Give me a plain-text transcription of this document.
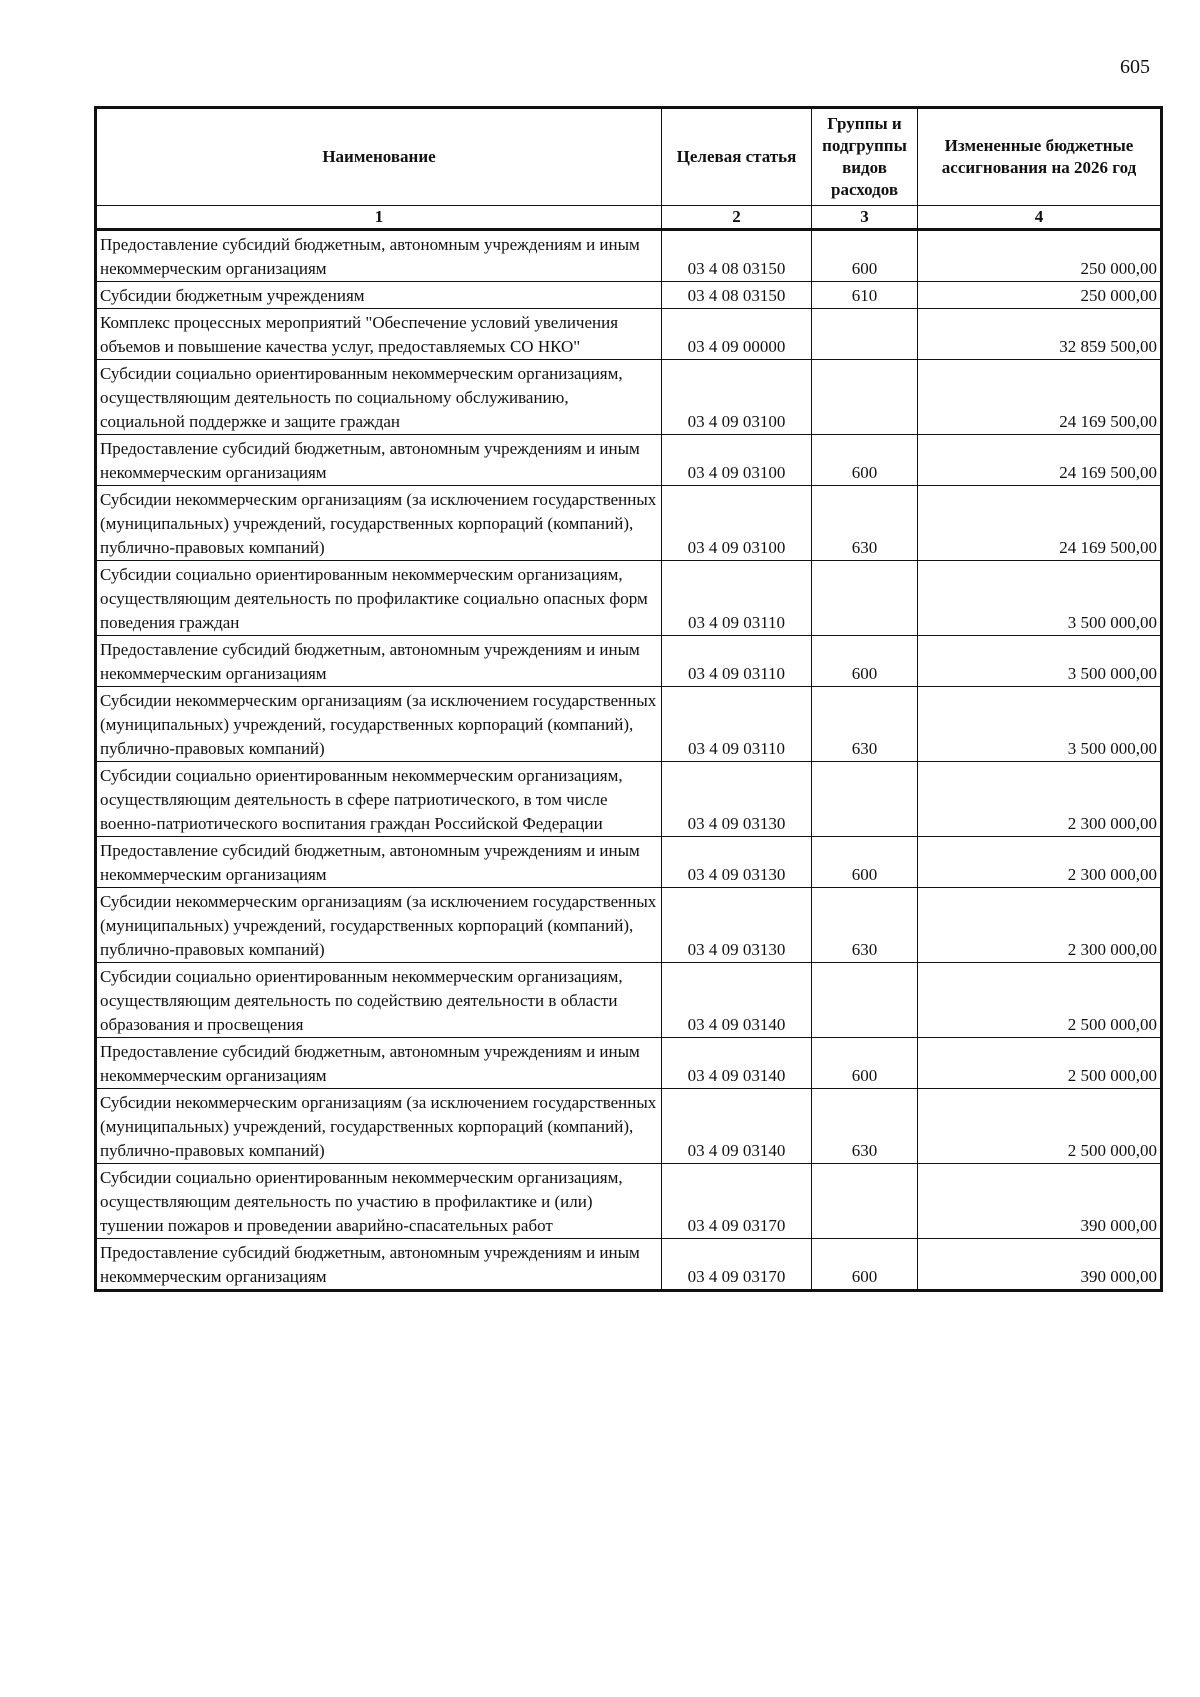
605
Наименование	Целевая статья	Группы и подгруппы видов расходов	Измененные бюджетные ассигнования на 2026 год
1	2	3	4
Предоставление субсидий бюджетным, автономным учреждениям и иным некоммерческим организациям	03 4 08 03150	600	250 000,00
Субсидии бюджетным учреждениям	03 4 08 03150	610	250 000,00
Комплекс процессных мероприятий "Обеспечение условий увеличения объемов и повышение качества услуг, предоставляемых СО НКО"	03 4 09 00000		32 859 500,00
Субсидии социально ориентированным некоммерческим организациям, осуществляющим деятельность по социальному обслуживанию, социальной поддержке и защите граждан	03 4 09 03100		24 169 500,00
Предоставление субсидий бюджетным, автономным учреждениям и иным некоммерческим организациям	03 4 09 03100	600	24 169 500,00
Субсидии некоммерческим организациям (за исключением государственных (муниципальных) учреждений, государственных корпораций (компаний), публично-правовых компаний)	03 4 09 03100	630	24 169 500,00
Субсидии социально ориентированным некоммерческим организациям, осуществляющим деятельность по профилактике социально опасных форм поведения граждан	03 4 09 03110		3 500 000,00
Предоставление субсидий бюджетным, автономным учреждениям и иным некоммерческим организациям	03 4 09 03110	600	3 500 000,00
Субсидии некоммерческим организациям (за исключением государственных (муниципальных) учреждений, государственных корпораций (компаний), публично-правовых компаний)	03 4 09 03110	630	3 500 000,00
Субсидии социально ориентированным некоммерческим организациям, осуществляющим деятельность в сфере патриотического, в том числе военно-патриотического воспитания граждан Российской Федерации	03 4 09 03130		2 300 000,00
Предоставление субсидий бюджетным, автономным учреждениям и иным некоммерческим организациям	03 4 09 03130	600	2 300 000,00
Субсидии некоммерческим организациям (за исключением государственных (муниципальных) учреждений, государственных корпораций (компаний), публично-правовых компаний)	03 4 09 03130	630	2 300 000,00
Субсидии социально ориентированным некоммерческим организациям, осуществляющим деятельность по содействию деятельности в области образования и просвещения	03 4 09 03140		2 500 000,00
Предоставление субсидий бюджетным, автономным учреждениям и иным некоммерческим организациям	03 4 09 03140	600	2 500 000,00
Субсидии некоммерческим организациям (за исключением государственных (муниципальных) учреждений, государственных корпораций (компаний), публично-правовых компаний)	03 4 09 03140	630	2 500 000,00
Субсидии социально ориентированным некоммерческим организациям, осуществляющим деятельность по участию в профилактике и (или) тушении пожаров и проведении аварийно-спасательных работ	03 4 09 03170		390 000,00
Предоставление субсидий бюджетным, автономным учреждениям и иным некоммерческим организациям	03 4 09 03170	600	390 000,00
